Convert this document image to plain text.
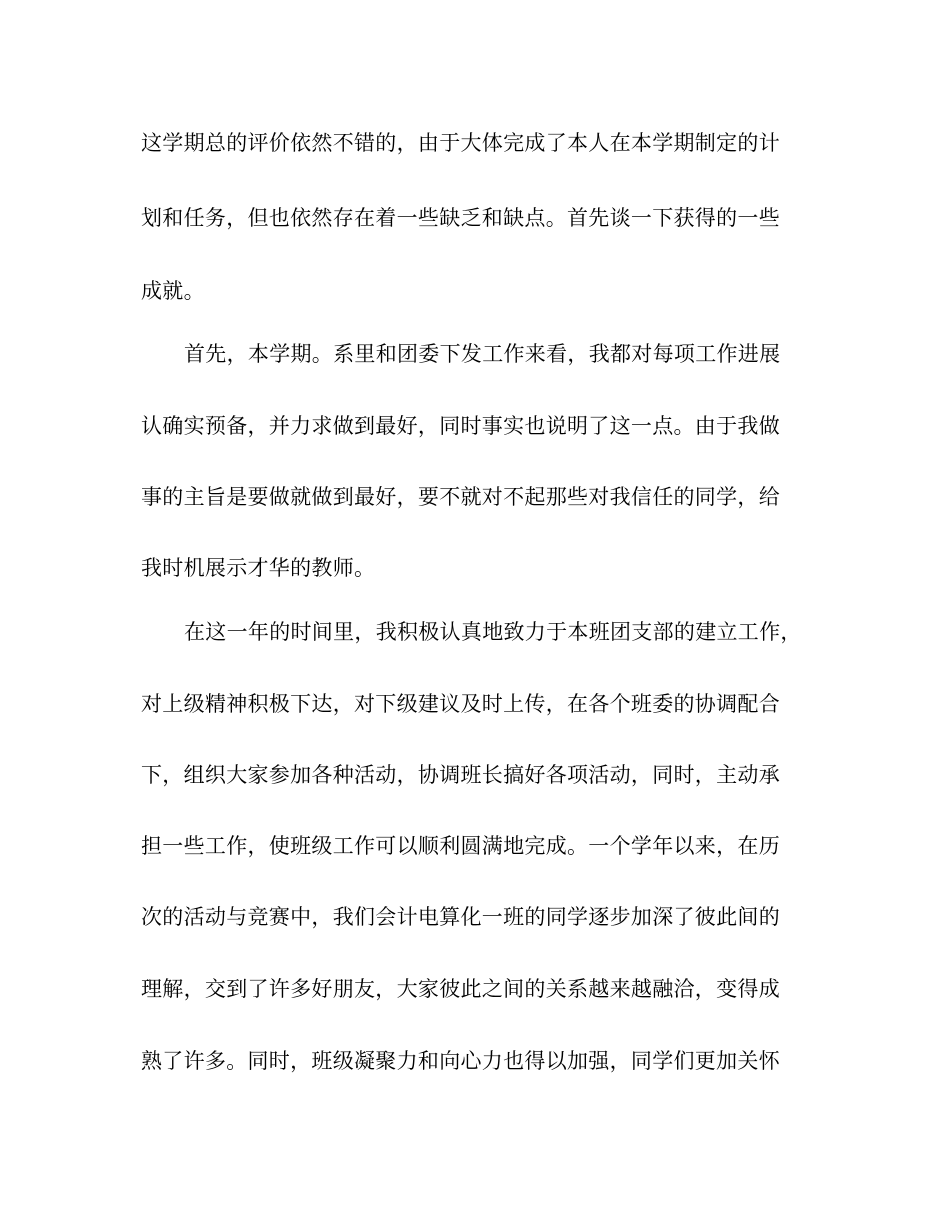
这学期总的评价依然不错的，由于大体完成了本人在本学期制定的计
划和任务，但也依然存在着一些缺乏和缺点。首先谈一下获得的一些
成就。
首先，本学期。系里和团委下发工作来看，我都对每项工作进展
认确实预备，并力求做到最好，同时事实也说明了这一点。由于我做
事的主旨是要做就做到最好，要不就对不起那些对我信任的同学，给
我时机展示才华的教师。
在这一年的时间里，我积极认真地致力于本班团支部的建立工作，
对上级精神积极下达，对下级建议及时上传，在各个班委的协调配合
下，组织大家参加各种活动，协调班长搞好各项活动，同时，主动承
担一些工作，使班级工作可以顺利圆满地完成。一个学年以来，在历
次的活动与竞赛中，我们会计电算化一班的同学逐步加深了彼此间的
理解，交到了许多好朋友，大家彼此之间的关系越来越融洽，变得成
熟了许多。同时，班级凝聚力和向心力也得以加强，同学们更加关怀
